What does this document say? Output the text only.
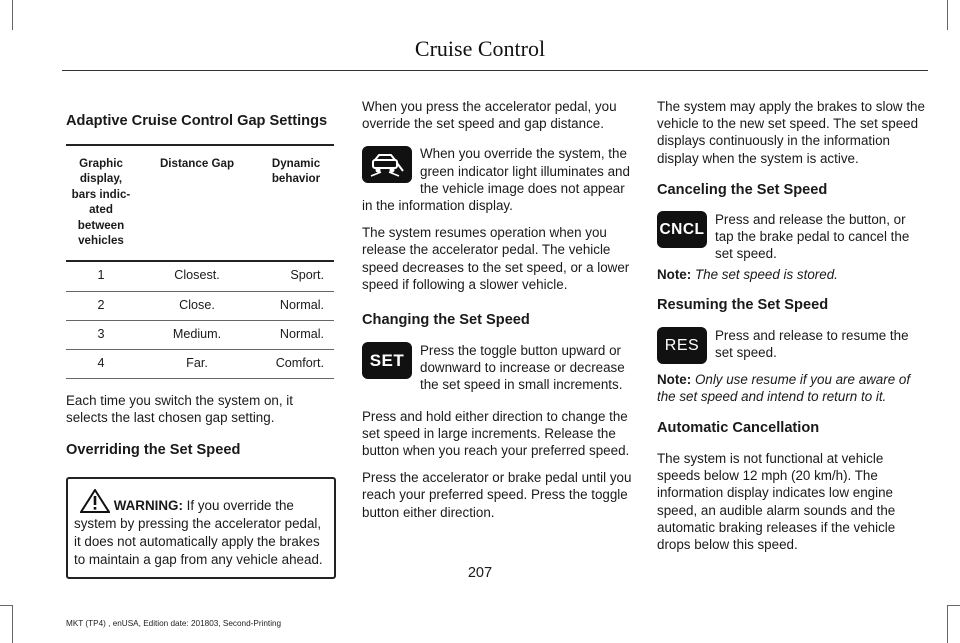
Cruise Control
Adaptive Cruise Control Gap Settings
Graphic display, bars indic-ated between vehicles	Distance Gap	Dynamic behavior
1	Closest.	Sport.
2	Close.	Normal.
3	Medium.	Normal.
4	Far.	Comfort.

Each time you switch the system on, it selects the last chosen gap setting.

Overriding the Set Speed
WARNING: If you override the system by pressing the accelerator pedal, it does not automatically apply the brakes to maintain a gap from any vehicle ahead.

When you press the accelerator pedal, you override the set speed and gap distance.

When you override the system, the green indicator light illuminates and the vehicle image does not appear in the information display.

The system resumes operation when you release the accelerator pedal. The vehicle speed decreases to the set speed, or a lower speed if following a slower vehicle.

Changing the Set Speed
SET

Press the toggle button upward or downward to increase or decrease the set speed in small increments.

Press and hold either direction to change the set speed in large increments. Release the button when you reach your preferred speed.

Press the accelerator or brake pedal until you reach your preferred speed. Press the toggle button either direction.

The system may apply the brakes to slow the vehicle to the new set speed. The set speed displays continuously in the information display when the system is active.

Canceling the Set Speed
CNCL

Press and release the button, or tap the brake pedal to cancel the set speed.

Note: The set speed is stored.

Resuming the Set Speed
RES

Press and release to resume the set speed.

Note: Only use resume if you are aware of the set speed and intend to return to it.

Automatic Cancellation

The system is not functional at vehicle speeds below 12 mph (20 km/h). The information display indicates low engine speed, an audible alarm sounds and the automatic braking releases if the vehicle drops below this speed.

207
MKT (TP4) , enUSA, Edition date: 201803, Second-Printing
